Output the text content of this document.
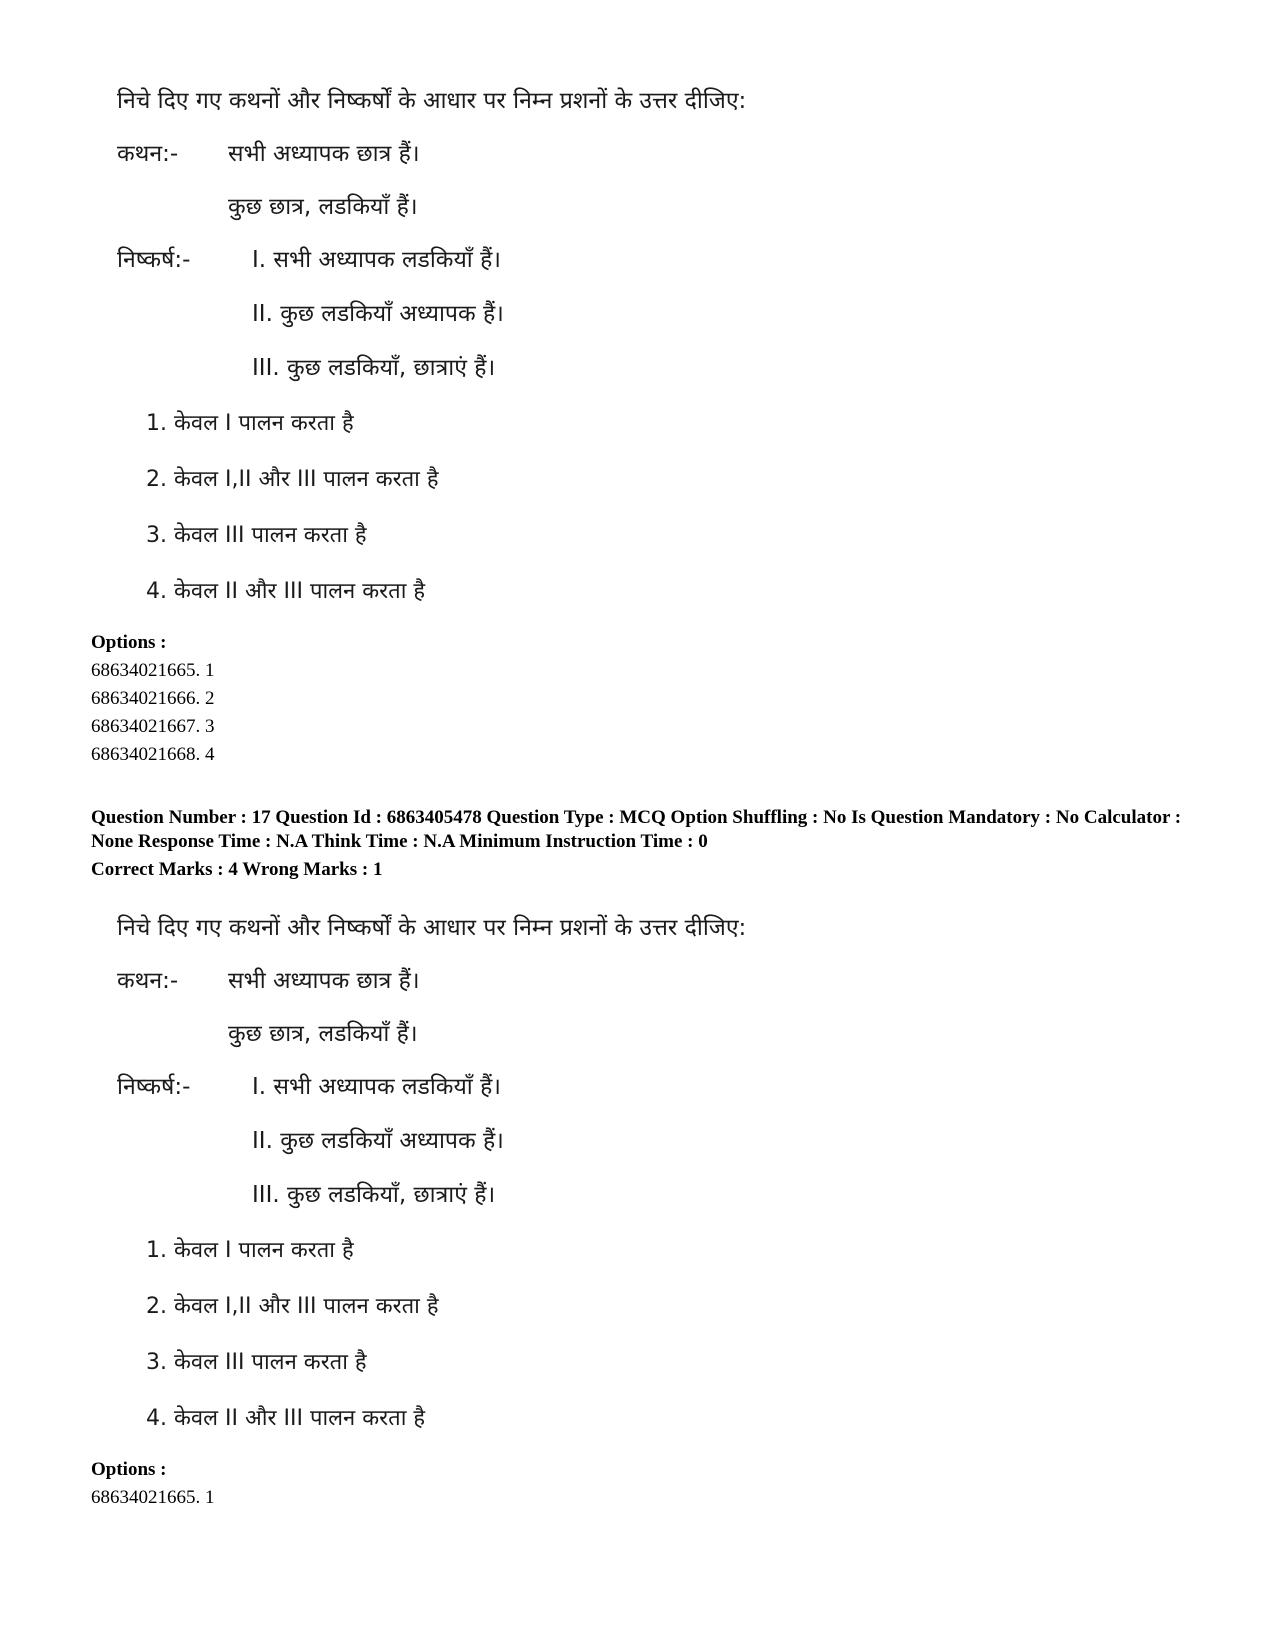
निचे दिए गए कथनों और निष्कर्षों के आधार पर निम्न प्रशनों के उत्तर दीजिए:
कथन:- सभी अध्यापक छात्र हैं।
कुछ छात्र, लडकियाँ हैं।
निष्कर्ष:-	I. सभी अध्यापक लडकियाँ हैं।
II. कुछ लडकियाँ अध्यापक हैं।
III. कुछ लडकियाँ, छात्राएं हैं।
1. केवल I पालन करता है
2. केवल I,II और III पालन करता है
3. केवल III पालन करता है
4. केवल II और III पालन करता है
Options :
68634021665. 1
68634021666. 2
68634021667. 3
68634021668. 4
Question Number : 17 Question Id : 6863405478 Question Type : MCQ Option Shuffling : No Is Question Mandatory : No Calculator : None Response Time : N.A Think Time : N.A Minimum Instruction Time : 0
Correct Marks : 4 Wrong Marks : 1
निचे दिए गए कथनों और निष्कर्षों के आधार पर निम्न प्रशनों के उत्तर दीजिए:
कथन:- सभी अध्यापक छात्र हैं।
कुछ छात्र, लडकियाँ हैं।
निष्कर्ष:-	I. सभी अध्यापक लडकियाँ हैं।
II. कुछ लडकियाँ अध्यापक हैं।
III. कुछ लडकियाँ, छात्राएं हैं।
1. केवल I पालन करता है
2. केवल I,II और III पालन करता है
3. केवल III पालन करता है
4. केवल II और III पालन करता है
Options :
68634021665. 1
